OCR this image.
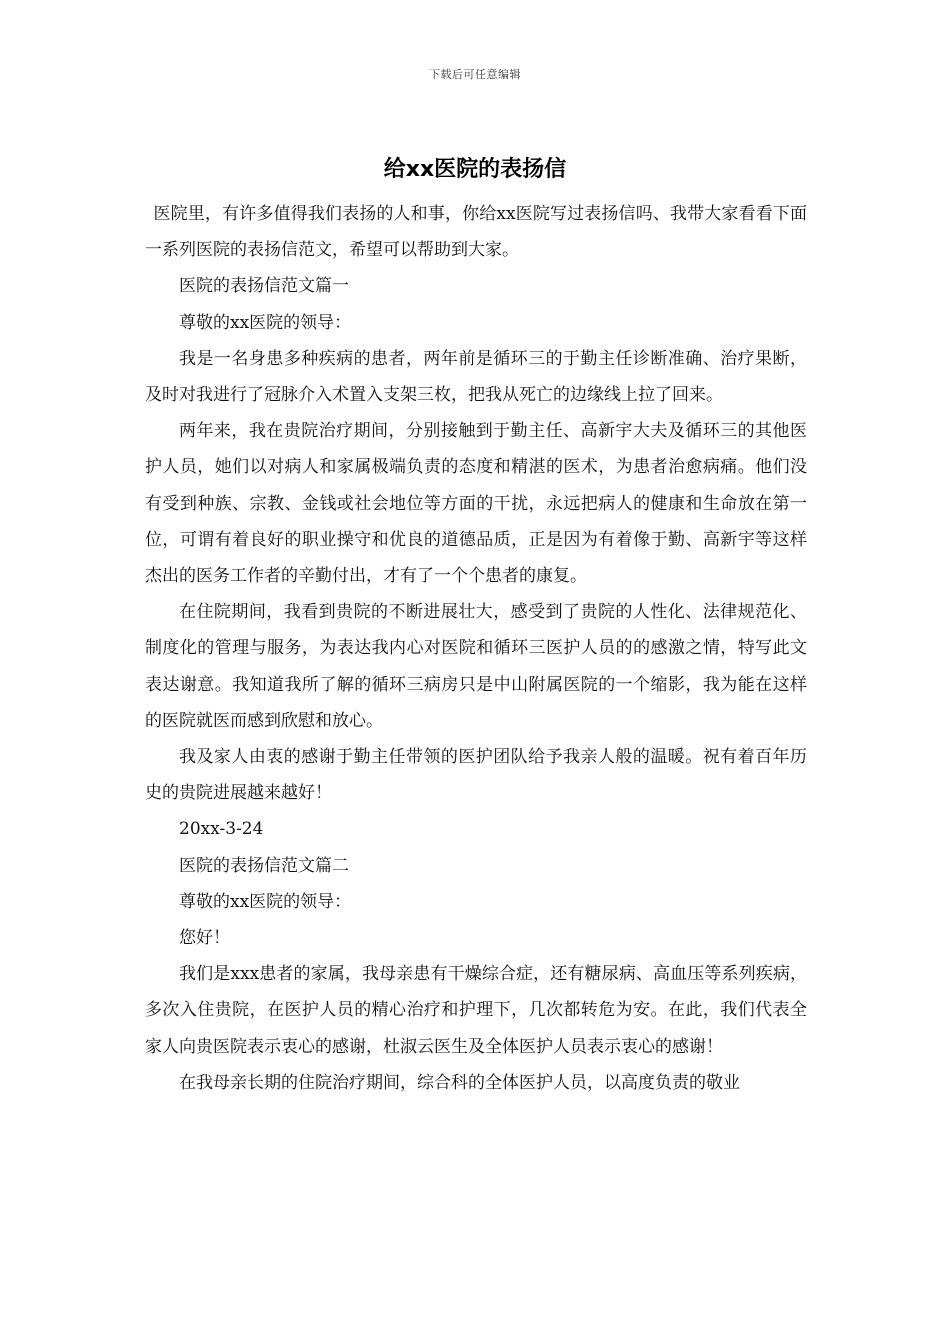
下载后可任意编辑
给xx医院的表扬信

医院里，有许多值得我们表扬的人和事，你给xx医院写过表扬信吗、我带大家看看下面一系列医院的表扬信范文，希望可以帮助到大家。

医院的表扬信范文篇一

尊敬的xx医院的领导：

我是一名身患多种疾病的患者，两年前是循环三的于勤主任诊断准确、治疗果断，及时对我进行了冠脉介入术置入支架三枚，把我从死亡的边缘线上拉了回来。

两年来，我在贵院治疗期间，分别接触到于勤主任、高新宇大夫及循环三的其他医护人员，她们以对病人和家属极端负责的态度和精湛的医术，为患者治愈病痛。他们没有受到种族、宗教、金钱或社会地位等方面的干扰，永远把病人的健康和生命放在第一位，可谓有着良好的职业操守和优良的道德品质，正是因为有着像于勤、高新宇等这样杰出的医务工作者的辛勤付出，才有了一个个患者的康复。

在住院期间，我看到贵院的不断进展壮大，感受到了贵院的人性化、法律规范化、制度化的管理与服务，为表达我内心对医院和循环三医护人员的的感激之情，特写此文表达谢意。我知道我所了解的循环三病房只是中山附属医院的一个缩影，我为能在这样的医院就医而感到欣慰和放心。

我及家人由衷的感谢于勤主任带领的医护团队给予我亲人般的温暖。祝有着百年历史的贵院进展越来越好！

20xx-3-24

医院的表扬信范文篇二

尊敬的xx医院的领导：

您好！

我们是xxx患者的家属，我母亲患有干燥综合症，还有糖尿病、高血压等系列疾病，多次入住贵院，在医护人员的精心治疗和护理下，几次都转危为安。在此，我们代表全家人向贵医院表示衷心的感谢，杜淑云医生及全体医护人员表示衷心的感谢！

在我母亲长期的住院治疗期间，综合科的全体医护人员，以高度负责的敬业
